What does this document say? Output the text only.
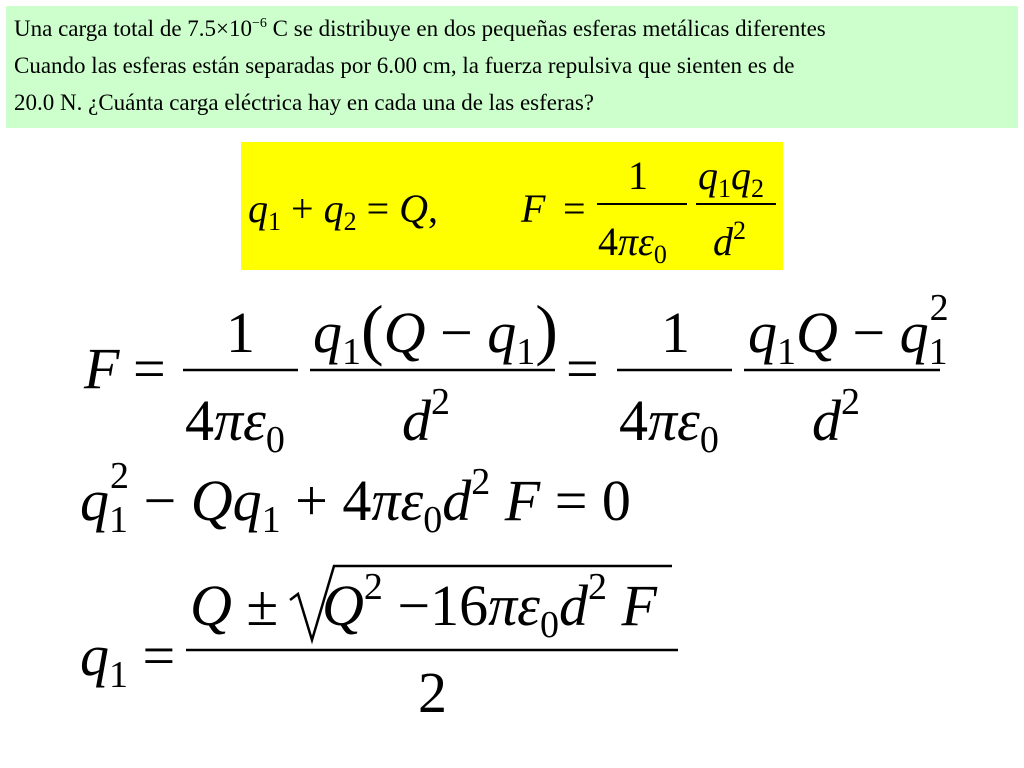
Una carga total de $7.5\times 10^{-6}$ C se distribuye en dos pequeñas esferas metálicas diferentes
Cuando las esferas están separadas por 6.00 cm, la fuerza repulsiva que sienten es de
20.0 N. ¿Cuánta carga eléctrica hay en cada una de las esferas?
$q_1 + q_2 = Q$, F =
1
$4\pi\varepsilon_0$
$q_1q_2$
$d^2$
F =
1
$4\pi\varepsilon_0$
$q_1(Q - q_1)$
$d^2$
=
1
$4\pi\varepsilon_0$
$q_1Q - q_12$
$d^2$
$q_12 - Qq_1 + 4\pi\varepsilon_0d^2$ F = 0
$q_1$ =
$Q \pm Q^2 -16\pi\varepsilon_0d^2$ F
2
